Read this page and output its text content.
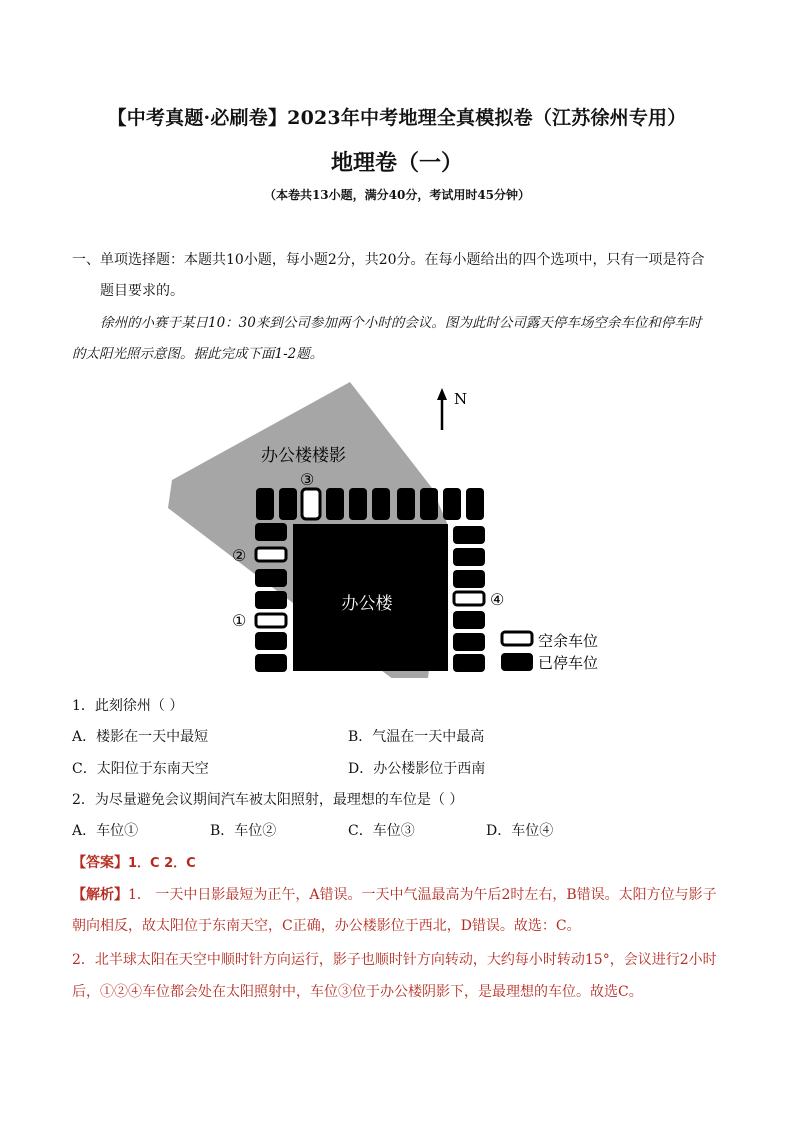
【中考真题·必刷卷】2023年中考地理全真模拟卷（江苏徐州专用）
地理卷（一）
（本卷共13小题，满分40分，考试用时45分钟）
一、单项选择题：本题共10小题，每小题2分，共20分。在每小题给出的四个选项中，只有一项是符合
题目要求的。
徐州的小赛于某日10：30来到公司参加两个小时的会议。图为此时公司露天停车场空余车位和停车时
的太阳光照示意图。据此完成下面1-2题。
N
办公楼楼影
③
②
①
办公楼	④
空余车位
已停车位
1．此刻徐州（ ）
A．楼影在一天中最短	B．气温在一天中最高
C．太阳位于东南天空	D．办公楼影位于西南
2．为尽量避免会议期间汽车被太阳照射，最理想的车位是（ ）
A．车位①	B．车位②	C．车位③	D．车位④
【答案】1．C 2．C
【解析】1． 一天中日影最短为正午，A错误。一天中气温最高为午后2时左右，B错误。太阳方位与影子
朝向相反，故太阳位于东南天空，C正确，办公楼影位于西北，D错误。故选：C。
2．北半球太阳在天空中顺时针方向运行，影子也顺时针方向转动，大约每小时转动15°，会议进行2小时
后，①②④车位都会处在太阳照射中，车位③位于办公楼阴影下，是最理想的车位。故选C。
